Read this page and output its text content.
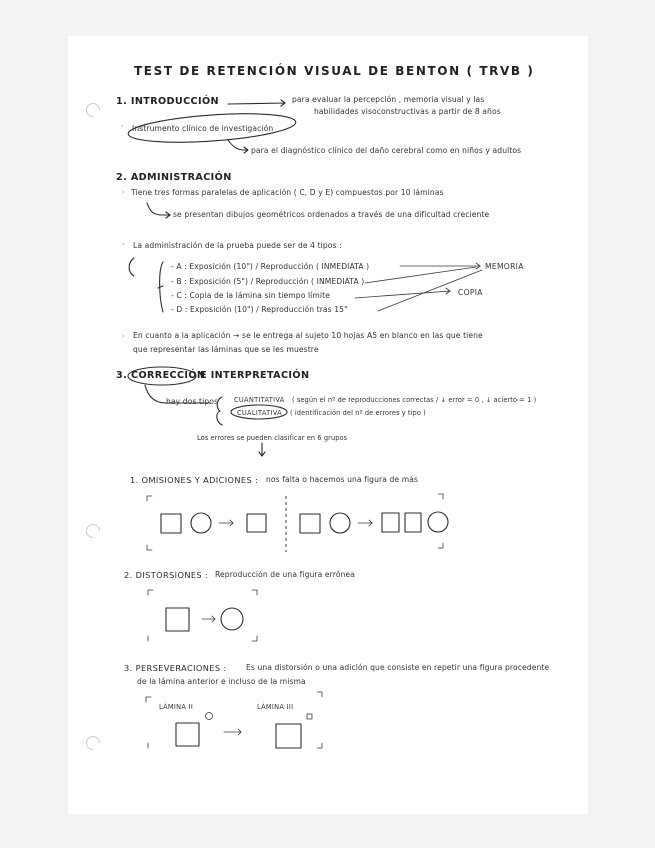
TEST DE RETENCIÓN VISUAL DE BENTON ( TRVB )
1. INTRODUCCIÓN	para evaluar la percepción , memoria visual y las
habilidades visoconstructivas a partir de 8 años
· Instrumento clínico de investigación
para el diagnóstico clínico del daño cerebral como en niños y adultos
2. ADMINISTRACIÓN
· Tiene tres formas paralelas de aplicación ( C, D y E) compuestos por 10 láminas
se presentan dibujos geométricos ordenados a través de una dificultad creciente
· La administración de la prueba puede ser de 4 tipos :
- A : Exposición (10") / Reproducción ( INMEDIATA )
- B : Exposición (5") / Reproducción ( INMEDIATA )
- C : Copia de la lámina sin tiempo límite
- D : Exposición (10") / Reproducción tras 15"
MEMORIA
COPIA
· En cuanto a la aplicación → se le entrega al sujeto 10 hojas A5 en blanco en las que tiene
que representar las láminas que se les muestre
3. CORRECCIÓN
E INTERPRETACIÓN
hay dos tipos CUANTITATIVA ( según el nº de reproducciones correctas / ↓ error = 0 , ↓ acierto = 1 )
CUALITATIVA ( identificación del nº de errores y tipo )
Los errores se pueden clasificar en 6 grupos
1. OMISIONES Y ADICIONES : nos falta o hacemos una figura de más
2. DISTORSIONES : Reproducción de una figura errónea
3. PERSEVERACIONES :	Es una distorsión o una adición que consiste en repetir una figura procedente
de la lámina anterior e incluso de la misma
LÁMINA II	LÁMINA III
